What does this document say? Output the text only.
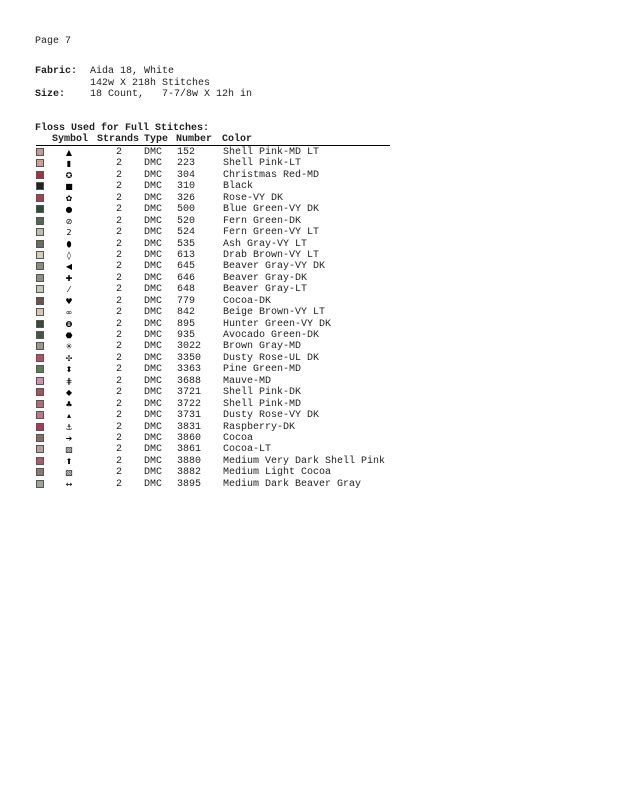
Page 7
Fabric: Aida 18, White
142w X 218h Stitches
Size: 18 Count,   7-7/8w X 12h in
Floss Used for Full Stitches:
Symbol Strands Type Number Color
▲	2 DMC 152	Shell Pink-MD LT
▮	2 DMC 223	Shell Pink-LT
✪	2 DMC 304	Christmas Red-MD
■	2 DMC 310	Black
✿	2 DMC 326	Rose-VY DK
●	2 DMC 500	Blue Green-VY DK
⊘	2 DMC 520	Fern Green-DK
2	2 DMC 524	Fern Green-VY LT
⬮	2 DMC 535	Ash Gray-VY LT
◊	2 DMC 613	Drab Brown-VY LT
◀	2 DMC 645	Beaver Gray-VY DK
✚	2 DMC 646	Beaver Gray-DK
⁄	2 DMC 648	Beaver Gray-LT
♥	2 DMC 779	Cocoa-DK
∞	2 DMC 842	Beige Brown-VY LT
❽	2 DMC 895	Hunter Green-VY DK
⬣	2 DMC 935	Avocado Green-DK
✳	2 DMC 3022 Brown Gray-MD
✣	2 DMC 3350 Dusty Rose-UL DK
⬍	2 DMC 3363 Pine Green-MD
⋕	2 DMC 3688 Mauve-MD
◆	2 DMC 3721 Shell Pink-DK
♣	2 DMC 3722 Shell Pink-MD
▴	2 DMC 3731 Dusty Rose-VY DK
⚓	2 DMC 3831 Raspberry-DK
➔	2 DMC 3860 Cocoa
▨	2 DMC 3861 Cocoa-LT
⬆	2 DMC 3880 Medium Very Dark Shell Pink
▧	2 DMC 3882 Medium Light Cocoa
↔	2 DMC 3895 Medium Dark Beaver Gray
